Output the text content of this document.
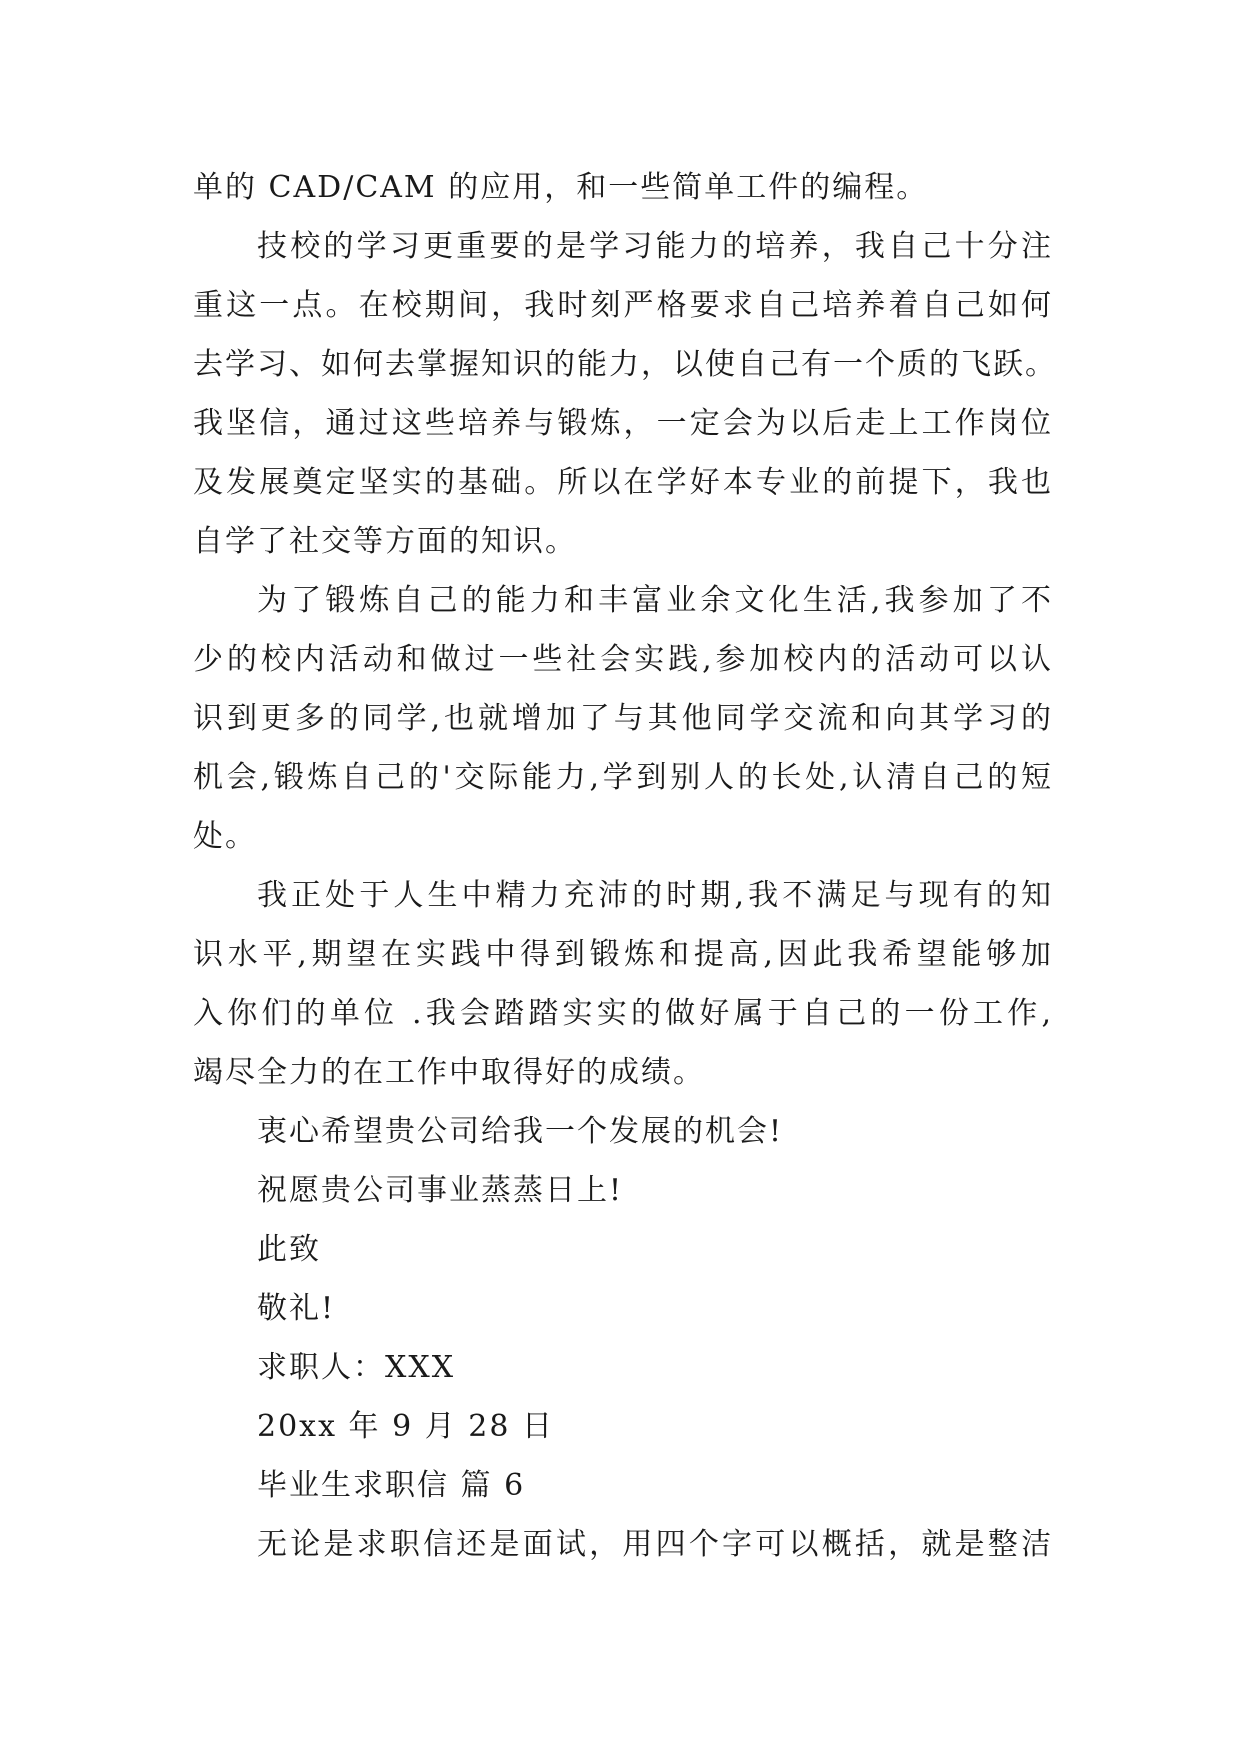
单的 CAD/CAM 的应用，和一些简单工件的编程。
技校的学习更重要的是学习能力的培养，我自己十分注
重这一点。在校期间，我时刻严格要求自己培养着自己如何
去学习、如何去掌握知识的能力，以使自己有一个质的飞跃。
我坚信，通过这些培养与锻炼，一定会为以后走上工作岗位
及发展奠定坚实的基础。所以在学好本专业的前提下，我也
自学了社交等方面的知识。
为了锻炼自己的能力和丰富业余文化生活,我参加了不
少的校内活动和做过一些社会实践,参加校内的活动可以认
识到更多的同学,也就增加了与其他同学交流和向其学习的
机会,锻炼自己的'交际能力,学到别人的长处,认清自己的短
处。
我正处于人生中精力充沛的时期,我不满足与现有的知
识水平,期望在实践中得到锻炼和提高,因此我希望能够加
入你们的单位 .我会踏踏实实的做好属于自己的一份工作,
竭尽全力的在工作中取得好的成绩。
衷心希望贵公司给我一个发展的机会!
祝愿贵公司事业蒸蒸日上!
此致
敬礼!
求职人：XXX
20xx 年 9 月 28 日
毕业生求职信 篇 6
无论是求职信还是面试，用四个字可以概括，就是整洁
